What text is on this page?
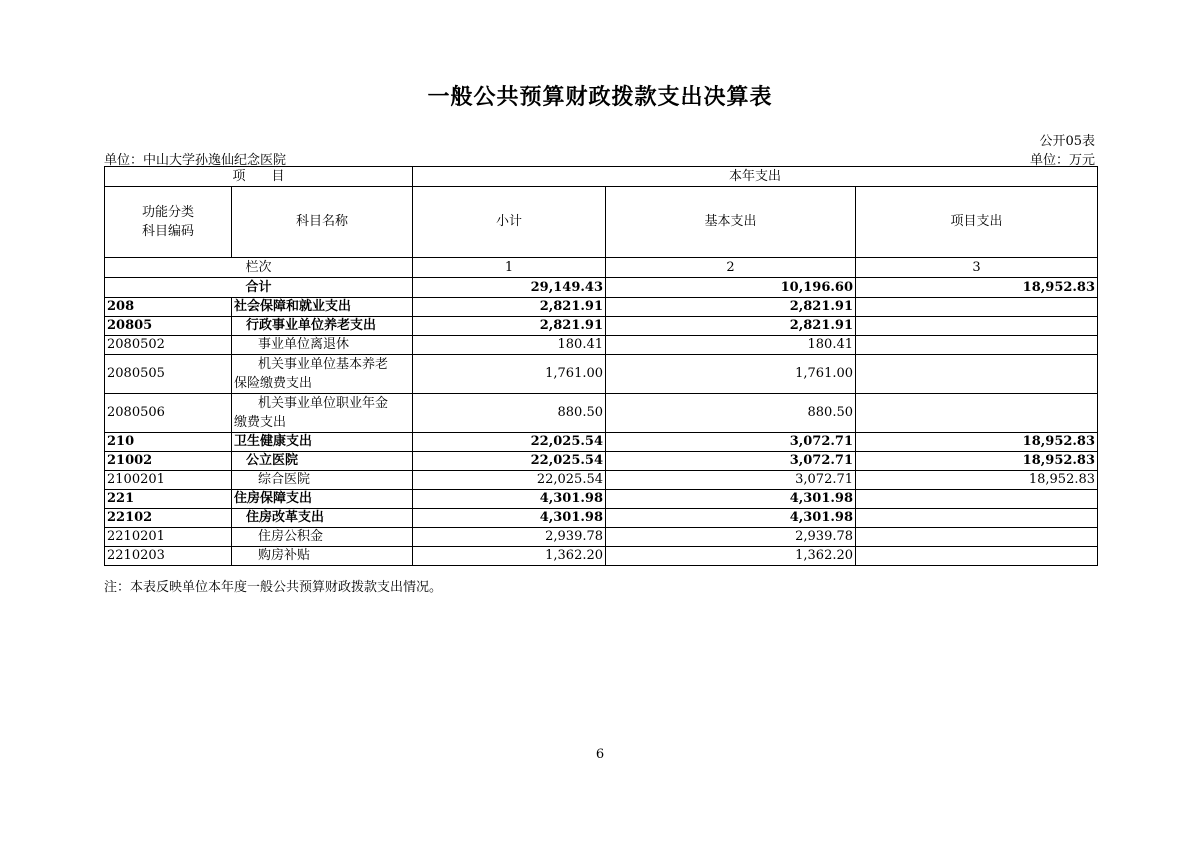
一般公共预算财政拨款支出决算表
公开05表
单位：中山大学孙逸仙纪念医院	单位：万元
项　　目		本年支出		

功能分类
科目编码	科目名称	小计	基本支出	项目支出
栏次		1	2	3
合计		29,149.43	10,196.60	18,952.83
208	社会保障和就业支出	2,821.91	2,821.91	
20805	行政事业单位养老支出	2,821.91	2,821.91	
2080502	事业单位离退休	180.41	180.41	
2080505	机关事业单位基本养老
保险缴费支出	1,761.00	1,761.00	
2080506	机关事业单位职业年金
缴费支出	880.50	880.50	
210	卫生健康支出	22,025.54	3,072.71	18,952.83
21002	公立医院	22,025.54	3,072.71	18,952.83
2100201	综合医院	22,025.54	3,072.71	18,952.83
221	住房保障支出	4,301.98	4,301.98	
22102	住房改革支出	4,301.98	4,301.98	
2210201	住房公积金	2,939.78	2,939.78	
2210203	购房补贴	1,362.20	1,362.20	
注：本表反映单位本年度一般公共预算财政拨款支出情况。
6
